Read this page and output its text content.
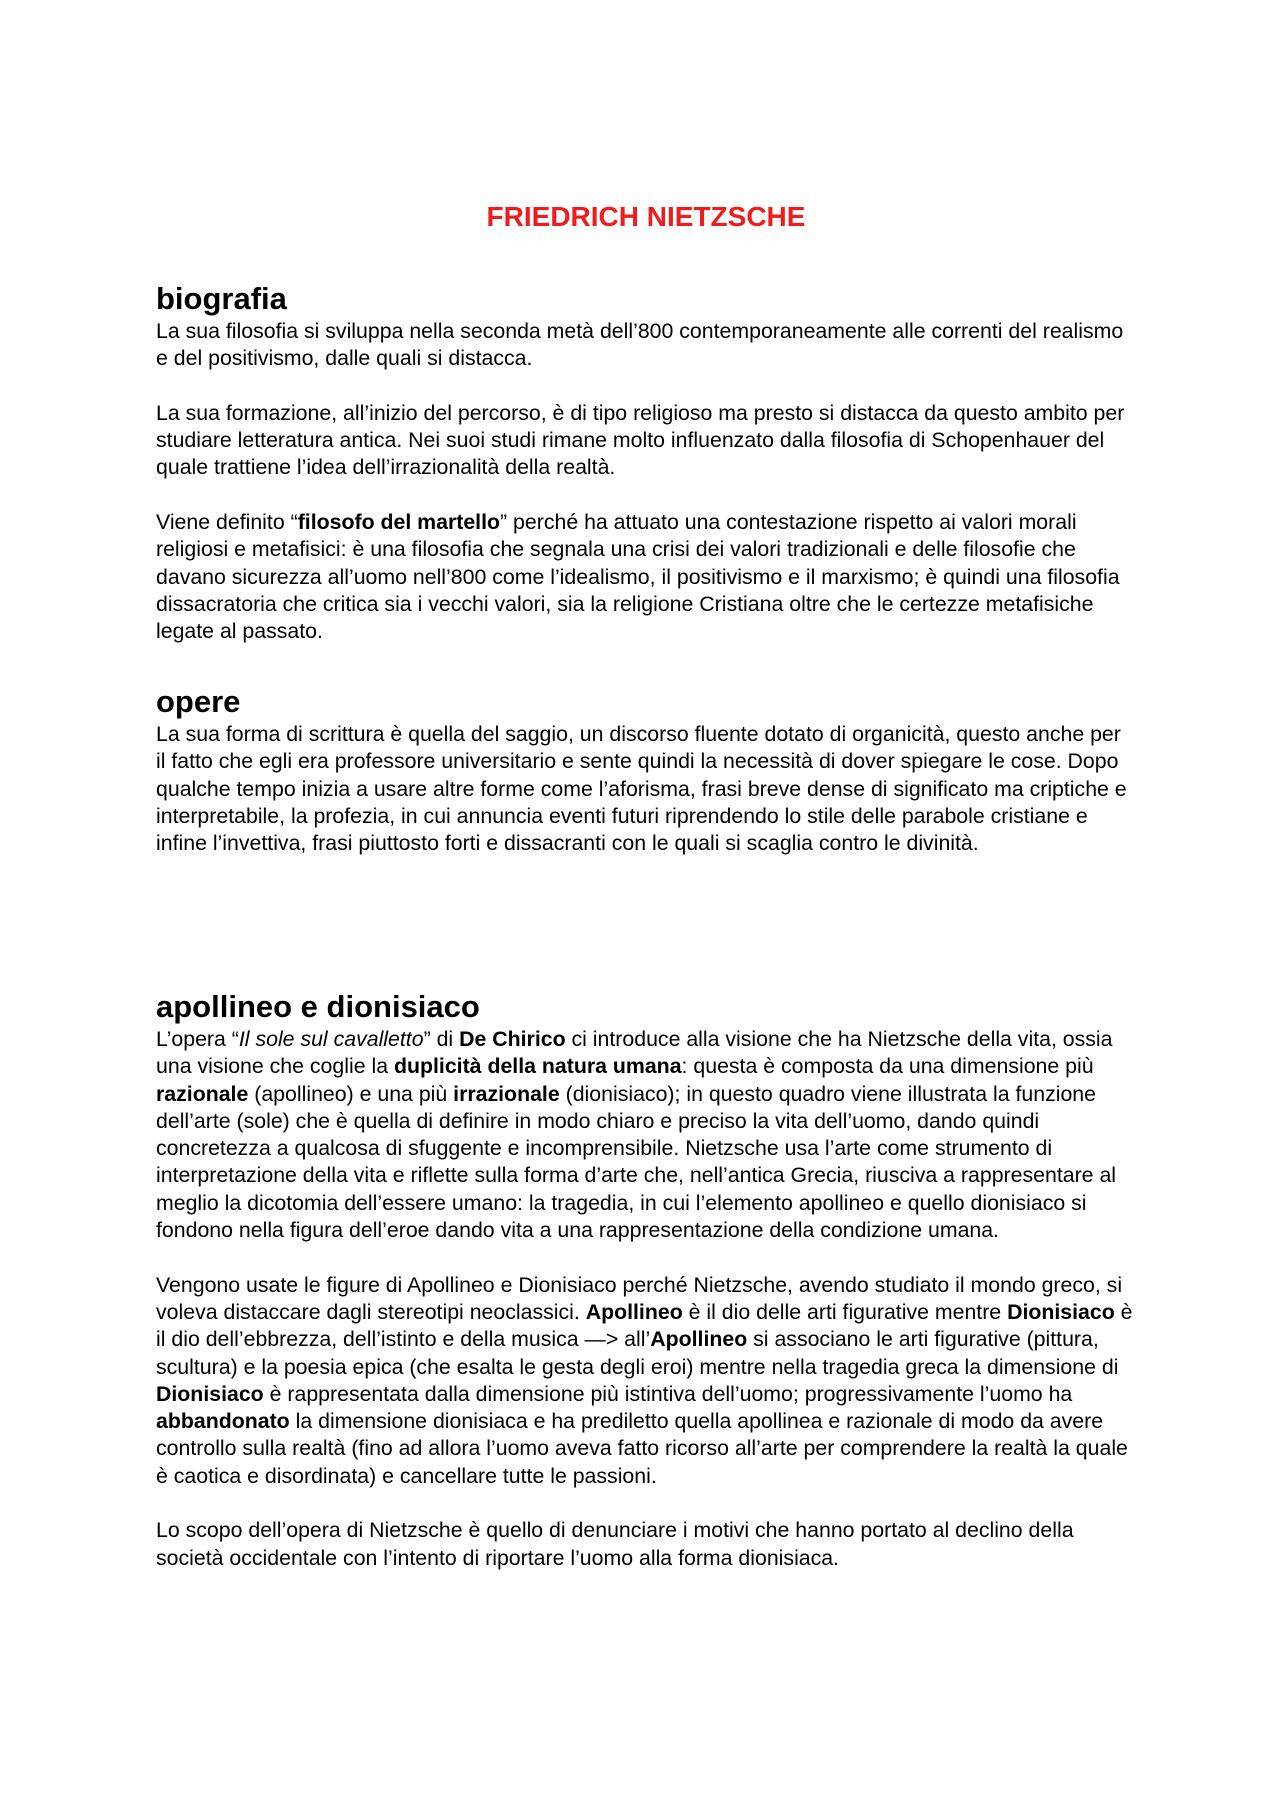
FRIEDRICH NIETZSCHE
biografia

La sua filosofia si sviluppa nella seconda metà dell’800 contemporaneamente alle correnti del realismo e del positivismo, dalle quali si distacca.

La sua formazione, all’inizio del percorso, è di tipo religioso ma presto si distacca da questo ambito per studiare letteratura antica. Nei suoi studi rimane molto influenzato dalla filosofia di Schopenhauer del quale trattiene l’idea dell’irrazionalità della realtà.

Viene definito “filosofo del martello” perché ha attuato una contestazione rispetto ai valori morali religiosi e metafisici: è una filosofia che segnala una crisi dei valori tradizionali e delle filosofie che davano sicurezza all’uomo nell’800 come l’idealismo, il positivismo e il marxismo; è quindi una filosofia dissacratoria che critica sia i vecchi valori, sia la religione Cristiana oltre che le certezze metafisiche legate al passato.

opere

La sua forma di scrittura è quella del saggio, un discorso fluente dotato di organicità, questo anche per il fatto che egli era professore universitario e sente quindi la necessità di dover spiegare le cose. Dopo qualche tempo inizia a usare altre forme come l’aforisma, frasi breve dense di significato ma criptiche e interpretabile, la profezia, in cui annuncia eventi futuri riprendendo lo stile delle parabole cristiane e infine l’invettiva, frasi piuttosto forti e dissacranti con le quali si scaglia contro le divinità.

apollineo e dionisiaco

L’opera “Il sole sul cavalletto” di De Chirico ci introduce alla visione che ha Nietzsche della vita, ossia una visione che coglie la duplicità della natura umana: questa è composta da una dimensione più razionale (apollineo) e una più irrazionale (dionisiaco); in questo quadro viene illustrata la funzione dell’arte (sole) che è quella di definire in modo chiaro e preciso la vita dell’uomo, dando quindi concretezza a qualcosa di sfuggente e incomprensibile. Nietzsche usa l’arte come strumento di interpretazione della vita e riflette sulla forma d’arte che, nell’antica Grecia, riusciva a rappresentare al meglio la dicotomia dell’essere umano: la tragedia, in cui l’elemento apollineo e quello dionisiaco si fondono nella figura dell’eroe dando vita a una rappresentazione della condizione umana.

Vengono usate le figure di Apollineo e Dionisiaco perché Nietzsche, avendo studiato il mondo greco, si voleva distaccare dagli stereotipi neoclassici. Apollineo è il dio delle arti figurative mentre Dionisiaco è il dio dell’ebbrezza, dell’istinto e della musica —> all’Apollineo si associano le arti figurative (pittura, scultura) e la poesia epica (che esalta le gesta degli eroi) mentre nella tragedia greca la dimensione di Dionisiaco è rappresentata dalla dimensione più istintiva dell’uomo; progressivamente l’uomo ha abbandonato la dimensione dionisiaca e ha prediletto quella apollinea e razionale di modo da avere controllo sulla realtà (fino ad allora l’uomo aveva fatto ricorso all’arte per comprendere la realtà la quale è caotica e disordinata) e cancellare tutte le passioni.

Lo scopo dell’opera di Nietzsche è quello di denunciare i motivi che hanno portato al declino della società occidentale con l’intento di riportare l’uomo alla forma dionisiaca.
